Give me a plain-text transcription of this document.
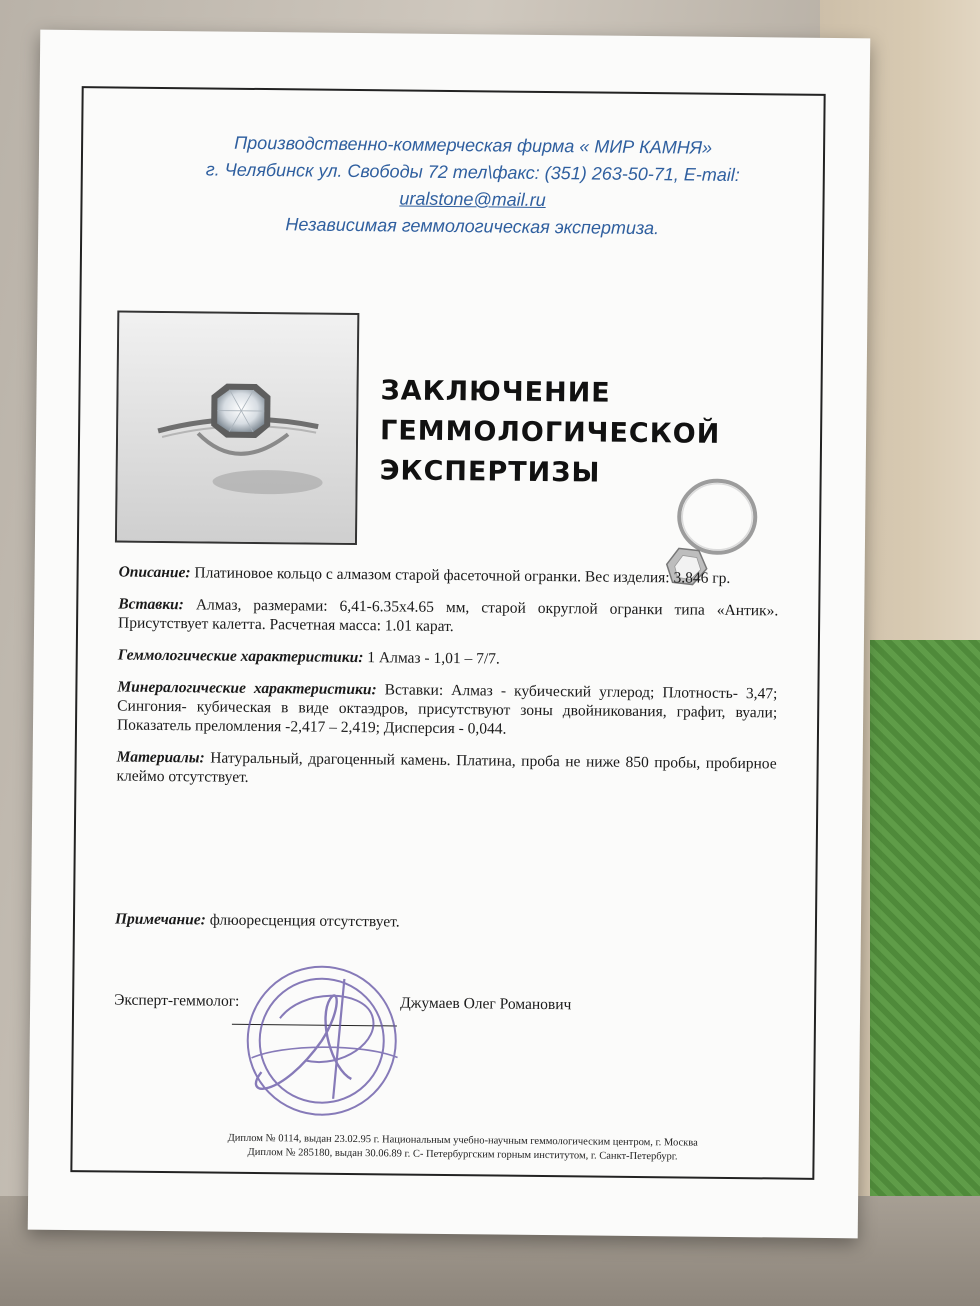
Производственно-коммерческая фирма « МИР КАМНЯ»
г. Челябинск ул. Свободы 72 тел\факс: (351) 263-50-71, E-mail:
uralstone@mail.ru
Независимая геммологическая экспертиза.
ЗАКЛЮЧЕНИЕ
ГЕММОЛОГИЧЕСКОЙ
ЭКСПЕРТИЗЫ
Описание: Платиновое кольцо с алмазом старой фасеточной огранки. Вес изделия: 3.846 гр.
Вставки: Алмаз, размерами: 6,41-6.35х4.65 мм, старой округлой огранки типа «Антик». Присутствует калетта. Расчетная масса: 1.01 карат.
Геммологические характеристики: 1 Алмаз - 1,01 – 7/7.
Минералогические характеристики: Вставки: Алмаз - кубический углерод; Плотность- 3,47; Сингония- кубическая в виде октаэдров, присутствуют зоны двойникования, графит, вуали; Показатель преломления -2,417 – 2,419; Дисперсия - 0,044.
Материалы: Натуральный, драгоценный камень. Платина, проба не ниже 850 пробы, пробирное клеймо отсутствует.
Примечание: флюоресценция отсутствует.
Эксперт-геммолог:	Джумаев Олег Романович
Диплом № 0114, выдан 23.02.95 г. Национальным учебно-научным геммологическим центром, г. Москва
Диплом № 285180, выдан 30.06.89 г. С- Петербургским горным институтом, г. Санкт-Петербург.
